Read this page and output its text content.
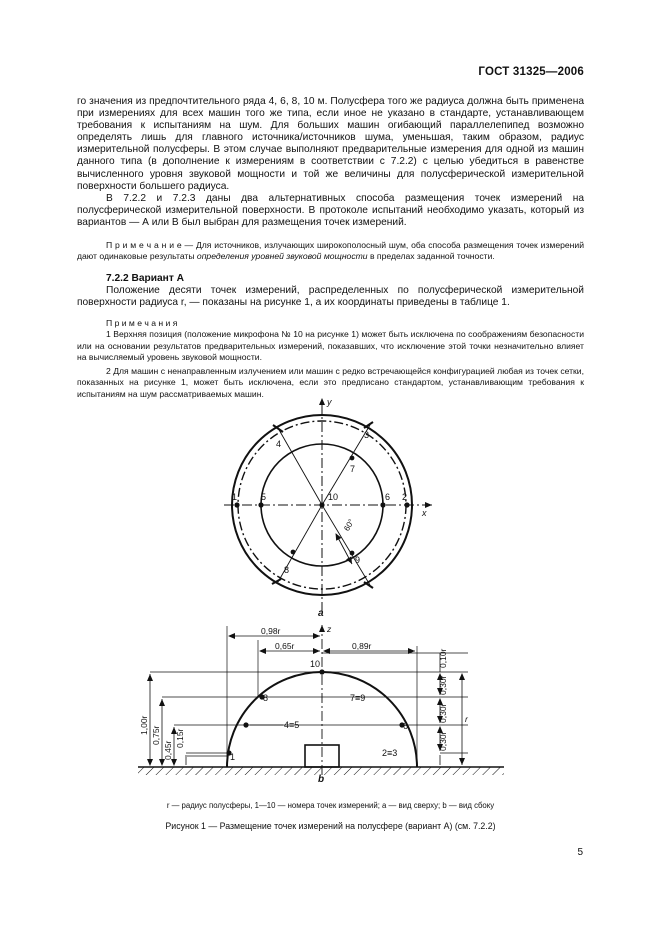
ГОСТ 31325—2006

го значения из предпочтительного ряда 4, 6, 8, 10 м. Полусфера того же радиуса должна быть применена при измерениях для всех машин того же типа, если иное не указано в стандарте, устанавливающем требования к испытаниям на шум. Для больших машин огибающий параллелепипед возможно определять лишь для главного источника/источников шума, уменьшая, таким образом, радиус измерительной полусферы. В этом случае выполняют предварительные измерения для одной из машин данного типа (в дополнение к измерениям в соответствии с 7.2.2) с целью убедиться в равенстве вычисленного уровня звуковой мощности и той же величины для полусферической измерительной поверхности большего радиуса.

В 7.2.2 и 7.2.3 даны два альтернативных способа размещения точек измерений на полусферической измерительной поверхности. В протоколе испытаний необходимо указать, который из вариантов — А или В был выбран для размещения точек измерений.

П р и м е ч а н и е — Для источников, излучающих широкополосный шум, оба способа размещения точек измерений дают одинаковые результаты определения уровней звуковой мощности в пределах заданной точности.

7.2.2 Вариант А

Положение десяти точек измерений, распределенных по полусферической измерительной поверхности радиуса r, — показаны на рисунке 1, а их координаты приведены в таблице 1.

П р и м е ч а н и я

1 Верхняя позиция (положение микрофона № 10 на рисунке 1) может быть исключена по соображениям безопасности или на основании результатов предварительных измерений, показавших, что исключение этой точки незначительно влияет на вычисляемый уровень звуковой мощности.

2 Для машин с ненаправленным излучением или машин с редко встречающейся конфигурацией любая из точек сетки, показанных на рисунке 1, может быть исключена, если это предписано стандартом, устанавливающим требования к испытаниям на шум рассматриваемых машин.

y
x
1	2
3
4
5	6
7
8
9
10
60°
a
z
0,98r
0,65r	0,89r
10
8	7≡9
6
4≡5
1	2≡3
1,00r
0,75r
0,45r
0,15r
0,10r
0,30r
0,30r
0,30r
r
b
r — радиус полусферы, 1—10 — номера точек измерений; a — вид сверху; b — вид сбоку
Рисунок 1 — Размещение точек измерений на полусфере (вариант А) (см. 7.2.2)
5
